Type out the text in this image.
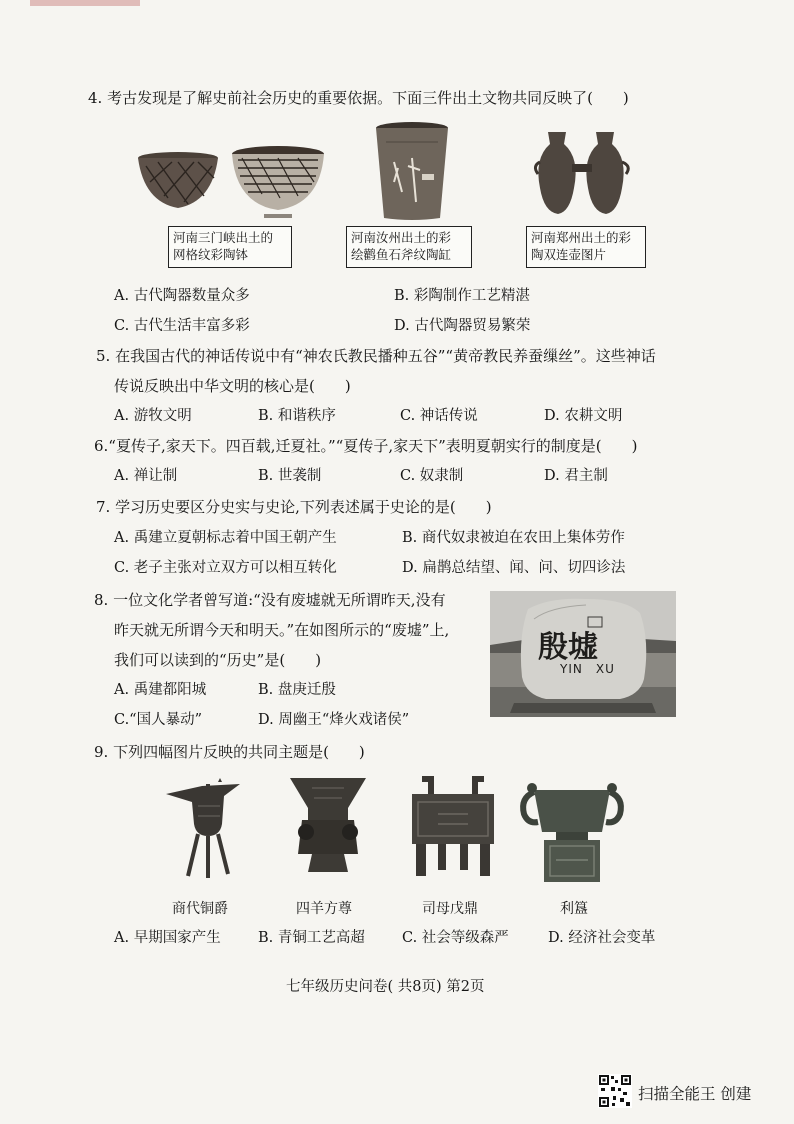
4. 考古发现是了解史前社会历史的重要依据。下面三件出土文物共同反映了(　　)
河南三门峡出土的
网格纹彩陶钵
河南汝州出土的彩
绘鹳鱼石斧纹陶缸
河南郑州出土的彩
陶双连壶图片
A. 古代陶器数量众多	B. 彩陶制作工艺精湛
C. 古代生活丰富多彩	D. 古代陶器贸易繁荣
5. 在我国古代的神话传说中有“神农氏教民播种五谷”“黄帝教民养蚕缫丝”。这些神话
传说反映出中华文明的核心是(　　)
A. 游牧文明	B. 和谐秩序	C. 神话传说	D. 农耕文明
6.“夏传子,家天下。四百载,迁夏社。”“夏传子,家天下”表明夏朝实行的制度是(　　)
A. 禅让制	B. 世袭制	C. 奴隶制	D. 君主制
7. 学习历史要区分史实与史论,下列表述属于史论的是(　　)
A. 禹建立夏朝标志着中国王朝产生	B. 商代奴隶被迫在农田上集体劳作
C. 老子主张对立双方可以相互转化	D. 扁鹊总结望、闻、问、切四诊法
8. 一位文化学者曾写道:“没有废墟就无所谓昨天,没有
昨天就无所谓今天和明天。”在如图所示的“废墟”上,
我们可以读到的“历史”是(　　)
A. 禹建都阳城	B. 盘庚迁殷
C.“国人暴动”	D. 周幽王“烽火戏诸侯”
殷墟
YIN　XU
9. 下列四幅图片反映的共同主题是(　　)
商代铜爵	四羊方尊	司母戊鼎	利簋
A. 早期国家产生	B. 青铜工艺高超	C. 社会等级森严	D. 经济社会变革
七年级历史问卷( 共8页) 第2页
扫描全能王 创建
